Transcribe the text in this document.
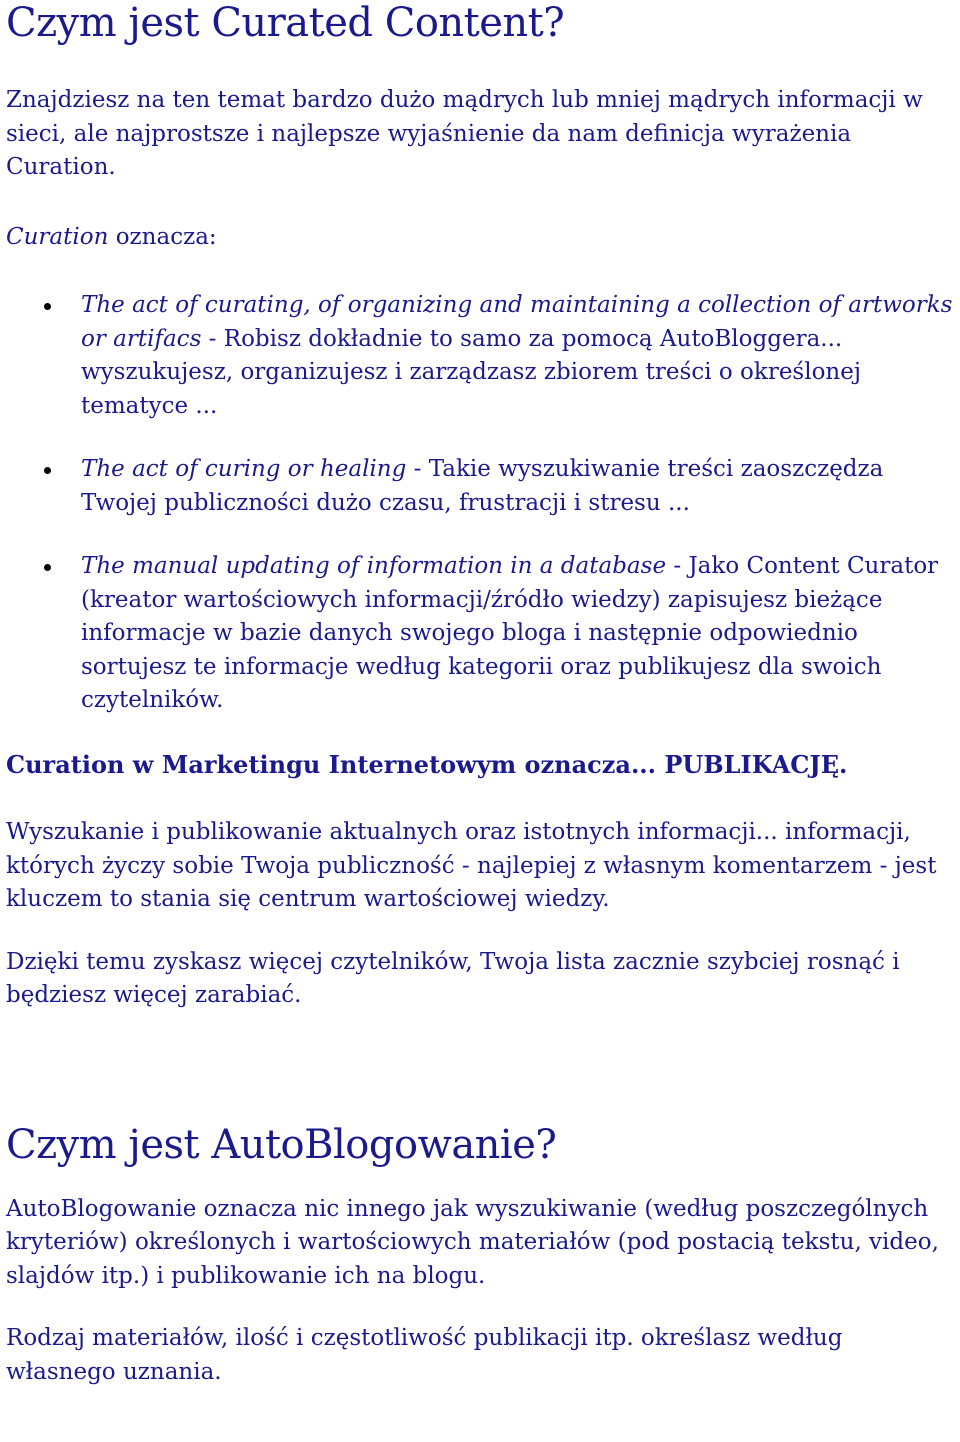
Czym jest Curated Content?

Znajdziesz na ten temat bardzo dużo mądrych lub mniej mądrych informacji w sieci, ale najprostsze i najlepsze wyjaśnienie da nam definicja wyrażenia Curation.

Curation oznacza:

The act of curating, of organizing and maintaining a collection of artworks or artifacs - Robisz dokładnie to samo za pomocą AutoBloggera... wyszukujesz, organizujesz i zarządzasz zbiorem treści o określonej tematyce ...
The act of curing or healing - Takie wyszukiwanie treści zaoszczędza Twojej publiczności dużo czasu, frustracji i stresu ...
The manual updating of information in a database - Jako Content Curator (kreator wartościowych informacji/źródło wiedzy) zapisujesz bieżące informacje w bazie danych swojego bloga i następnie odpowiednio sortujesz te informacje według kategorii oraz publikujesz dla swoich czytelników.
Curation w Marketingu Internetowym oznacza... PUBLIKACJĘ.

Wyszukanie i publikowanie aktualnych oraz istotnych informacji... informacji, których życzy sobie Twoja publiczność - najlepiej z własnym komentarzem - jest kluczem to stania się centrum wartościowej wiedzy.

Dzięki temu zyskasz więcej czytelników, Twoja lista zacznie szybciej rosnąć i będziesz więcej zarabiać.

Czym jest AutoBlogowanie?

AutoBlogowanie oznacza nic innego jak wyszukiwanie (według poszczególnych kryteriów) określonych i wartościowych materiałów (pod postacią tekstu, video, slajdów itp.) i publikowanie ich na blogu.

Rodzaj materiałów, ilość i częstotliwość publikacji itp. określasz według własnego uznania.
